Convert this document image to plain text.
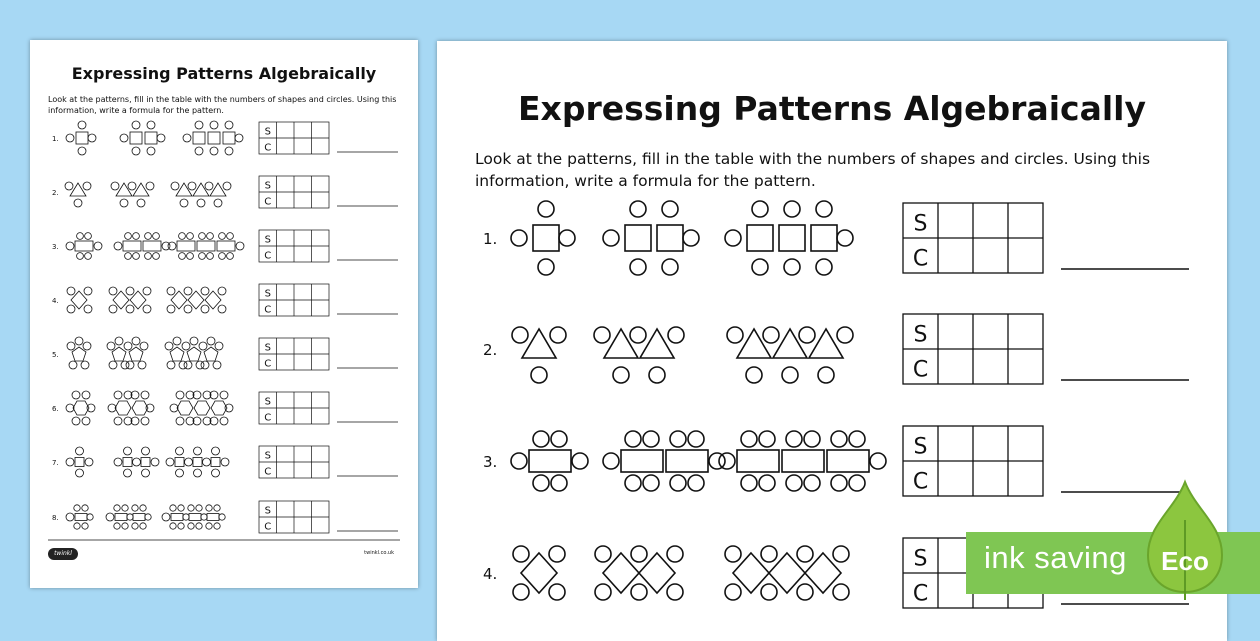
Expressing Patterns Algebraically
Look at the patterns, fill in the table with the numbers of shapes and circles. Using this information, write a formula for the pattern.
1.
2.
3.
4.
5.
6.
7.
8.
S
C
S
C
S
C
S
C
S
C
S
C
S
C
S
C
twinkl	twinkl.co.uk
Expressing Patterns Algebraically
Look at the patterns, fill in the table with the numbers of shapes and circles. Using this information, write a formula for the pattern.
1.
2.
3.
4.
S
C
S
C
S
C
S
C
ink saving Eco
